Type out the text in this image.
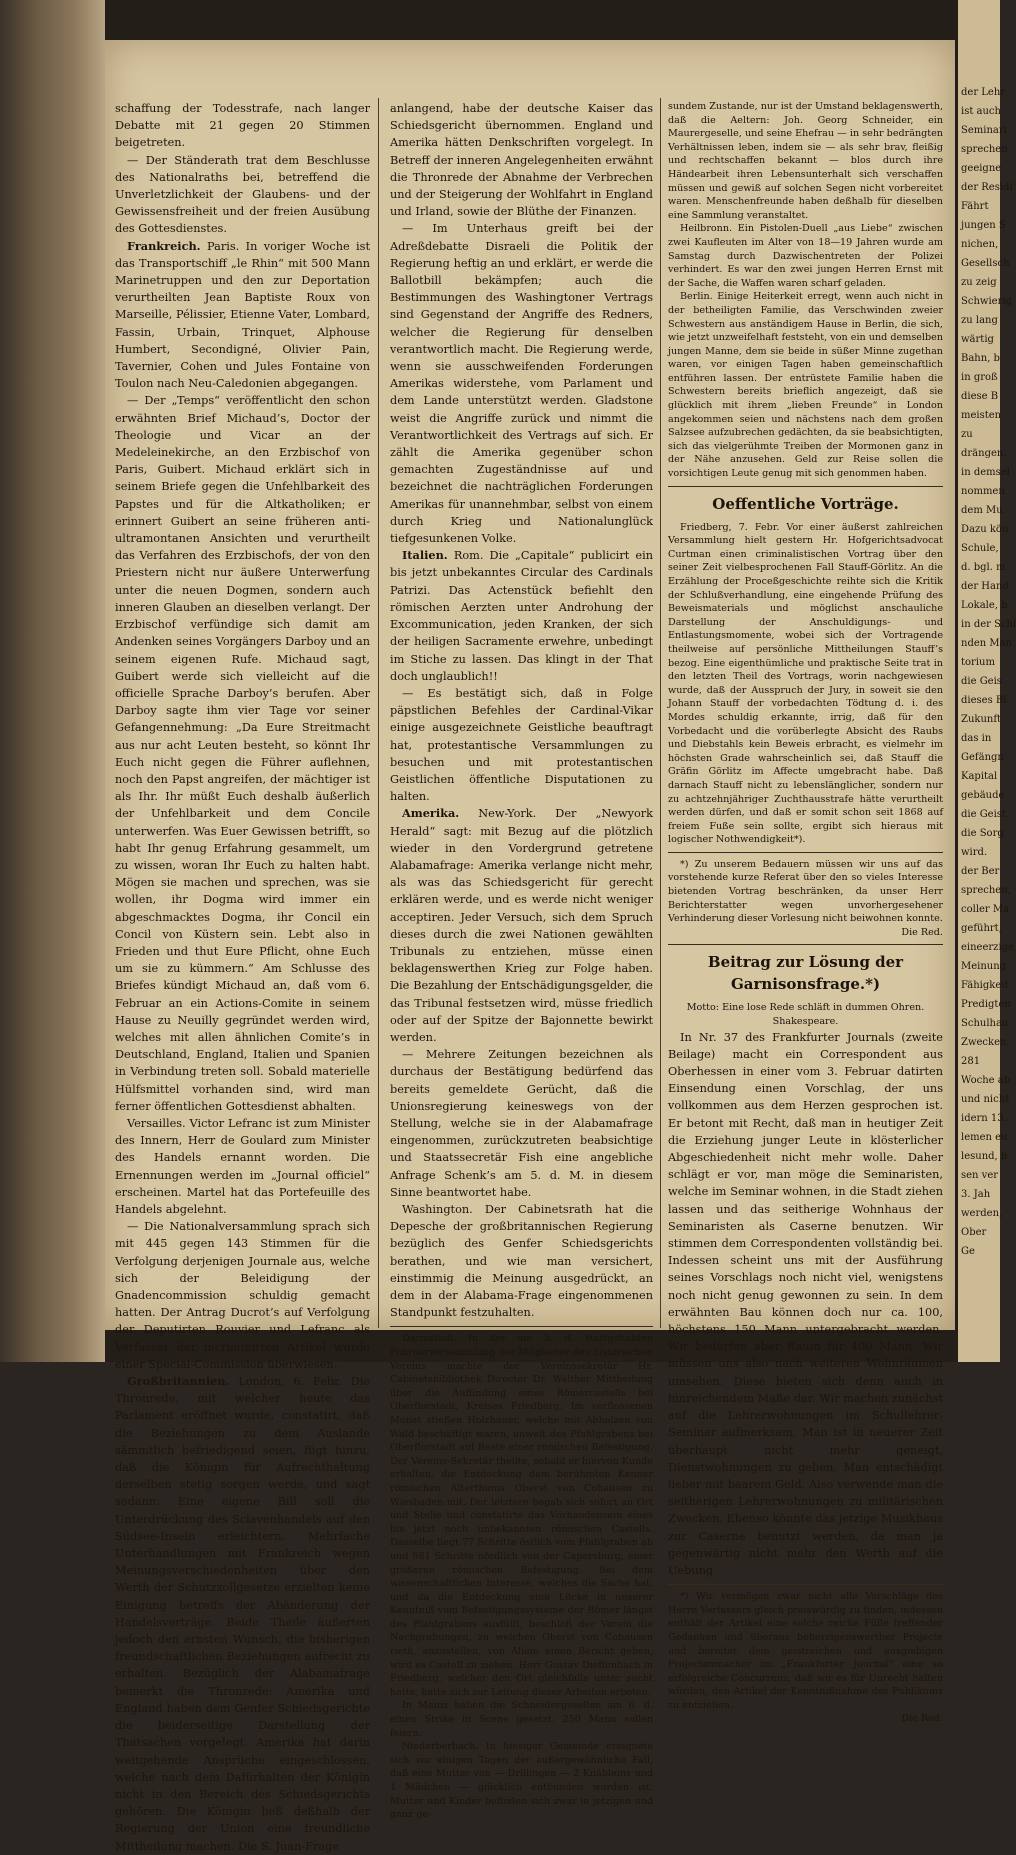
schaffung der Todesstrafe, nach langer Debatte mit 21 gegen 20 Stimmen beigetreten.

— Der Ständerath trat dem Beschlusse des Nationalraths bei, betreffend die Unverletzlichkeit der Glaubens- und der Gewissensfreiheit und der freien Ausübung des Gottesdienstes.

Frankreich. Paris. In voriger Woche ist das Transportschiff „le Rhin“ mit 500 Mann Marinetruppen und den zur Deportation verurtheilten Jean Baptiste Roux von Marseille, Pélissier, Etienne Vater, Lombard, Fassin, Urbain, Trinquet, Alphouse Humbert, Secondigné, Olivier Pain, Tavernier, Cohen und Jules Fontaine von Toulon nach Neu-Caledonien abgegangen.

— Der „Temps“ veröffentlicht den schon erwähnten Brief Michaud’s, Doctor der Theologie und Vicar an der Medeleinekirche, an den Erzbischof von Paris, Guibert. Michaud erklärt sich in seinem Briefe gegen die Unfehlbarkeit des Papstes und für die Altkatholiken; er erinnert Guibert an seine früheren anti-ultramontanen Ansichten und verurtheilt das Verfahren des Erzbischofs, der von den Priestern nicht nur äußere Unterwerfung unter die neuen Dogmen, sondern auch inneren Glauben an dieselben verlangt. Der Erzbischof verfündige sich damit am Andenken seines Vorgängers Darboy und an seinem eigenen Rufe. Michaud sagt, Guibert werde sich vielleicht auf die officielle Sprache Darboy’s berufen. Aber Darboy sagte ihm vier Tage vor seiner Gefangennehmung: „Da Eure Streitmacht aus nur acht Leuten besteht, so könnt Ihr Euch nicht gegen die Führer auflehnen, noch den Papst angreifen, der mächtiger ist als Ihr. Ihr müßt Euch deshalb äußerlich der Unfehlbarkeit und dem Concile unterwerfen. Was Euer Gewissen betrifft, so habt Ihr genug Erfahrung gesammelt, um zu wissen, woran Ihr Euch zu halten habt. Mögen sie machen und sprechen, was sie wollen, ihr Dogma wird immer ein abgeschmacktes Dogma, ihr Concil ein Concil von Küstern sein. Lebt also in Frieden und thut Eure Pflicht, ohne Euch um sie zu kümmern.“ Am Schlusse des Briefes kündigt Michaud an, daß vom 6. Februar an ein Actions-Comite in seinem Hause zu Neuilly gegründet werden wird, welches mit allen ähnlichen Comite’s in Deutschland, England, Italien und Spanien in Verbindung treten soll. Sobald materielle Hülfsmittel vorhanden sind, wird man ferner öffentlichen Gottesdienst abhalten.

Versailles. Victor Lefranc ist zum Minister des Innern, Herr de Goulard zum Minister des Handels ernannt worden. Die Ernennungen werden im „Journal officiel“ erscheinen. Martel hat das Portefeuille des Handels abgelehnt.

— Die Nationalversammlung sprach sich mit 445 gegen 143 Stimmen für die Verfolgung derjenigen Journale aus, welche sich der Beleidigung der Gnadencommission schuldig gemacht hatten. Der Antrag Ducrot’s auf Verfolgung der Deputirten Rouvier und Lefranc als Verfasser der incriminirten Artikel wurde einer Special-Commission überwiesen.

Großbritannien. London, 6. Febr. Die Thronrede, mit welcher heute das Parlament eröffnet wurde, constatirt, daß die Beziehungen zu dem Auslande sämmtlich befriedigend seien, fügt hinzu, daß die Königin für Aufrechthaltung derselben stetig sorgen werde, und sagt sodann: Eine eigene Bill soll die Unterdrückung des Sclavenhandels auf den Südsee-Inseln erleichtern. Mehrfache Unterhandlungen mit Frankreich wegen Meinungsverschiedenheiten über den Werth der Schutzzollgesetze erzielten keine Einigung betreffs der Abänderung der Handelsverträge. Beide Theile äußerten jedoch den ernsten Wunsch, die bisherigen freundschaftlichen Beziehungen aufrecht zu erhalten. Bezüglich der Alabamafrage bemerkt die Thronrede: Amerika und England haben dem Genfer Schiedsgerichte die beiderseitige Darstellung der Thatsachen vorgelegt. Amerika hat darin weitgehende Ansprüche eingeschlossen, welche nach dem Dafürhalten der Königin nicht in den Bereich des Schiedsgerichts gehören. Die Königin ließ deßhalb der Regierung der Union eine freundliche Mittheilung machen. Die S. Juan-Frage

anlangend, habe der deutsche Kaiser das Schiedsgericht übernommen. England und Amerika hätten Denkschriften vorgelegt. In Betreff der inneren Angelegenheiten erwähnt die Thronrede der Abnahme der Verbrechen und der Steigerung der Wohlfahrt in England und Irland, sowie der Blüthe der Finanzen.

— Im Unterhaus greift bei der Adreßdebatte Disraeli die Politik der Regierung heftig an und erklärt, er werde die Ballotbill bekämpfen; auch die Bestimmungen des Washingtoner Vertrags sind Gegenstand der Angriffe des Redners, welcher die Regierung für denselben verantwortlich macht. Die Regierung werde, wenn sie ausschweifenden Forderungen Amerikas widerstehe, vom Parlament und dem Lande unterstützt werden. Gladstone weist die Angriffe zurück und nimmt die Verantwortlichkeit des Vertrags auf sich. Er zählt die Amerika gegenüber schon gemachten Zugeständnisse auf und bezeichnet die nachträglichen Forderungen Amerikas für unannehmbar, selbst von einem durch Krieg und Nationalunglück tiefgesunkenen Volke.

Italien. Rom. Die „Capitale“ publicirt ein bis jetzt unbekanntes Circular des Cardinals Patrizi. Das Actenstück befiehlt den römischen Aerzten unter Androhung der Excommunication, jeden Kranken, der sich der heiligen Sacramente erwehre, unbedingt im Stiche zu lassen. Das klingt in der That doch unglaublich!!

— Es bestätigt sich, daß in Folge päpstlichen Befehles der Cardinal-Vikar einige ausgezeichnete Geistliche beauftragt hat, protestantische Versammlungen zu besuchen und mit protestantischen Geistlichen öffentliche Disputationen zu halten.

Amerika. New-York. Der „Newyork Herald“ sagt: mit Bezug auf die plötzlich wieder in den Vordergrund getretene Alabamafrage: Amerika verlange nicht mehr, als was das Schiedsgericht für gerecht erklären werde, und es werde nicht weniger acceptiren. Jeder Versuch, sich dem Spruch dieses durch die zwei Nationen gewählten Tribunals zu entziehen, müsse einen beklagenswerthen Krieg zur Folge haben. Die Bezahlung der Entschädigungsgelder, die das Tribunal festsetzen wird, müsse friedlich oder auf der Spitze der Bajonnette bewirkt werden.

— Mehrere Zeitungen bezeichnen als durchaus der Bestätigung bedürfend das bereits gemeldete Gerücht, daß die Unionsregierung keineswegs von der Stellung, welche sie in der Alabamafrage eingenommen, zurückzutreten beabsichtige und Staatssecretär Fish eine angebliche Anfrage Schenk’s am 5. d. M. in diesem Sinne beantwortet habe.

Washington. Der Cabinetsrath hat die Depesche der großbritannischen Regierung bezüglich des Genfer Schiedsgerichts berathen, und wie man versichert, einstimmig die Meinung ausgedrückt, an dem in der Alabama-Frage eingenommenen Standpunkt festzuhalten.

Darmstadt. In der am 5. d. stattgehabten Februarversammlung der Mitglieder des historischen Vereins machte der Vereinssekretär Hr. Cabinetsbibliothek Director Dr. Walther Mittheilung über die Auffindung eines Römercastells bei Oberflorstadt, Kreises Friedberg. Im verflossenen Monat stießen Holzhauer, welche mit Abholzen von Wald beschäftigt waren, unweit des Pfahlgrabens bei Oberflorstadt auf Reste einer römischen Befestigung. Der Vereins-Sekretär theilte, sobald er hiervon Kunde erhalten, die Entdeckung dem berühmten Kenner römischen Alterthums Oberst von Cohausen zu Wiesbaden mit. Der letztere begab sich sofort an Ort und Stelle und constatirte das Vorhandensein eines bis jetzt noch unbekannten römischen Castells. Dasselbe liegt 77 Schritte östlich vom Pfahlgraben ab und 981 Schritte nördlich von der Capersburg, einer größeren römischen Befestigung. Bei dem wissenschaftlichen Interesse, welches die Sache hat, und da die Entdeckung eine Lücke in unserer Kenntniß vom Befestigungssysteme der Römer längst des Pfahlgrabens ausfüllt, beschloß der Verein die Nachgrabungen, zu welchen Oberst von Cohausen rieth, anzustellen, von Allem einen Bericht geben, wird es Castell zu ziehen. Herr Gustav Dieffenbach in Friedberg, welcher den Ort gleichfalls unter sucht hatte, hatte sich zur Leitung dieser Arbeiten erboten.

In Mainz haben die Schneidergesellen am 6. d. einen Strike in Scene gesetzt. 250 Mann sollen feiern.

Niederberbach. In hiesiger Gemeinde ereignete sich vor einigen Tagen der außergewöhnliche Fall, daß eine Mutter von — Drillingen — 2 Knäbleins und 1 Mädchen — glücklich entbunden worden ist. Mutter und Kinder befinden sich zwar in jetzigen und ganz ge-

sundem Zustande, nur ist der Umstand beklagenswerth, daß die Aeltern: Joh. Georg Schneider, ein Maurergeselle, und seine Ehefrau — in sehr bedrängten Verhältnissen leben, indem sie — als sehr brav, fleißig und rechtschaffen bekannt — blos durch ihre Händearbeit ihren Lebensunterhalt sich verschaffen müssen und gewiß auf solchen Segen nicht vorbereitet waren. Menschenfreunde haben deßhalb für dieselben eine Sammlung veranstaltet.

Heilbronn. Ein Pistolen-Duell „aus Liebe“ zwischen zwei Kaufleuten im Alter von 18—19 Jahren wurde am Samstag durch Dazwischentreten der Polizei verhindert. Es war den zwei jungen Herren Ernst mit der Sache, die Waffen waren scharf geladen.

Berlin. Einige Heiterkeit erregt, wenn auch nicht in der betheiligten Familie, das Verschwinden zweier Schwestern aus anständigem Hause in Berlin, die sich, wie jetzt unzweifelhaft feststeht, von ein und demselben jungen Manne, dem sie beide in süßer Minne zugethan waren, vor einigen Tagen haben gemeinschaftlich entführen lassen. Der entrüstete Familie haben die Schwestern bereits brieflich angezeigt, daß sie glücklich mit ihrem „lieben Freunde“ in London angekommen seien und nächstens nach dem großen Salzsee aufzubrechen gedächten, da sie beabsichtigten, sich das vielgerühmte Treiben der Mormonen ganz in der Nähe anzusehen. Geld zur Reise sollen die vorsichtigen Leute genug mit sich genommen haben.

Oeffentliche Vorträge.

Friedberg, 7. Febr. Vor einer äußerst zahlreichen Versammlung hielt gestern Hr. Hofgerichtsadvocat Curtman einen criminalistischen Vortrag über den seiner Zeit vielbesprochenen Fall Stauff-Görlitz. An die Erzählung der Proceßgeschichte reihte sich die Kritik der Schlußverhandlung, eine eingehende Prüfung des Beweismaterials und möglichst anschauliche Darstellung der Anschuldigungs- und Entlastungsmomente, wobei sich der Vortragende theilweise auf persönliche Mittheilungen Stauff’s bezog. Eine eigenthümliche und praktische Seite trat in den letzten Theil des Vortrags, worin nachgewiesen wurde, daß der Ausspruch der Jury, in soweit sie den Johann Stauff der vorbedachten Tödtung d. i. des Mordes schuldig erkannte, irrig, daß für den Vorbedacht und die vorüberlegte Absicht des Raubs und Diebstahls kein Beweis erbracht, es vielmehr im höchsten Grade wahrscheinlich sei, daß Stauff die Gräfin Görlitz im Affecte umgebracht habe. Daß darnach Stauff nicht zu lebenslänglicher, sondern nur zu achtzehnjähriger Zuchthausstrafe hätte verurtheilt werden dürfen, und daß er somit schon seit 1868 auf freiem Fuße sein sollte, ergibt sich hieraus mit logischer Nothwendigkeit*).

*) Zu unserem Bedauern müssen wir uns auf das vorstehende kurze Referat über den so vieles Interesse bietenden Vortrag beschränken, da unser Herr Berichterstatter wegen unvorhergesehener Verhinderung dieser Vorlesung nicht beiwohnen konnte.

Die Red.

Beitrag zur Lösung der Garnisonsfrage.*)

Motto: Eine lose Rede schläft in dummen Ohren. Shakespeare.

In Nr. 37 des Frankfurter Journals (zweite Beilage) macht ein Correspondent aus Oberhessen in einer vom 3. Februar datirten Einsendung einen Vorschlag, der uns vollkommen aus dem Herzen gesprochen ist. Er betont mit Recht, daß man in heutiger Zeit die Erziehung junger Leute in klösterlicher Abgeschiedenheit nicht mehr wolle. Daher schlägt er vor, man möge die Seminaristen, welche im Seminar wohnen, in die Stadt ziehen lassen und das seitherige Wohnhaus der Seminaristen als Caserne benutzen. Wir stimmen dem Correspondenten vollständig bei. Indessen scheint uns mit der Ausführung seines Vorschlags noch nicht viel, wenigstens noch nicht genug gewonnen zu sein. In dem erwähnten Bau können doch nur ca. 100, höchstens 150 Mann untergebracht werden. Wir bedürfen aber Raum für 400 Mann. Wir müssen uns also nach weiteren Wohnräumen umsehen. Diese bieten sich denn auch in hinreichendem Maße dar. Wir machen zunächst auf die Lehrerwohnungen im Schullehrer-Seminar aufmerksam. Man ist in neuerer Zeit überhaupt nicht mehr geneigt, Dienstwohnungen zu geben. Man entschädigt lieber mit baarem Geld. Also verwende man die seitherigen Lehrerwohnungen zu militärischen Zwecken. Ebenso könnte das jetzige Musikhaus zur Caserne benutzt werden, da man ja gegenwärtig nicht mehr den Werth auf die Uebung

*) Wir vermögen zwar nicht alle Vorschläge des Herrn Verfassers gleich preiswürdig zu finden, indessen enthält der Artikel eine solche reiche Fülle treffender Gedanken und überaus beherzigenswerther Projecte und bereitet dem geistreichen und ausgiebigen Projectenmacher im „Frankfurter Journal“ eine so erfolgreiche Concurrenz, daß wir es für Unrecht halten würden, den Artikel der Kenntnißnahme des Publikums zu entziehen.

Die Red.

der Lehr
ist auch
Seminari
sprechen
geeigne
der Residi
Fährt
jungen S
nichen,
Gesellsch
zu zeig
Schwierig
zu lang
wärtig
Bahn, b
in groß
diese B
meisten
zu
drängen.
in demsel
nommen
dem Mu
Dazu kön
Schule,
d. bgl. m
der Hand
Lokale, b
in der Schl
nden Man
torium
die Geis
dieses Bl
Zukunft
das in
Gefängn
Kapital
gebäude
die Geist
die Sorg
wird.
der Ber
sprechen,
coller Ma
geführt,
eineerzige
Meinung
Fähigkeit
Predigten
Schulhau
Zwecken,
281
Woche ab
und nicht
idern 13.
lemen eu
lesund, b
sen ver
3. Jah
werden,
Ober
Ge
